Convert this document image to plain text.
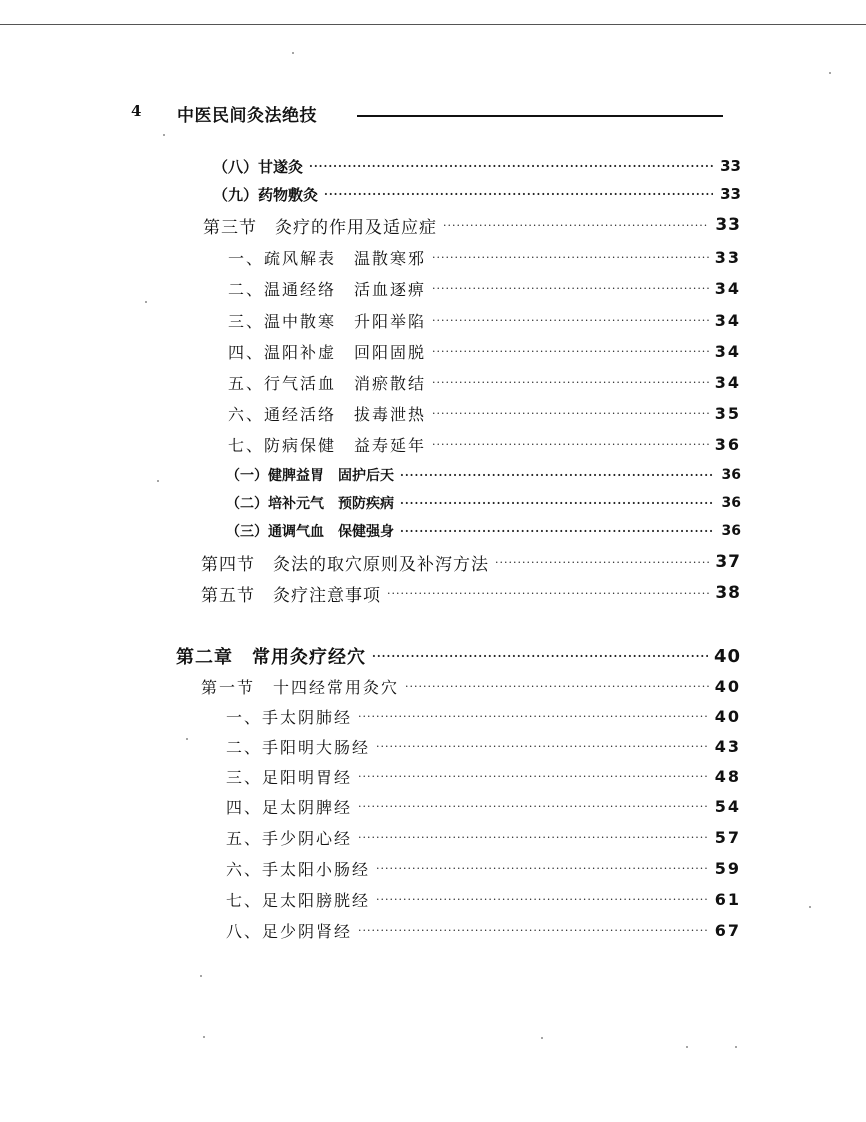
4 中医民间灸法绝技
（八）甘遂灸 ·····	33
（九）药物敷灸 ·····	33
第三节　灸疗的作用及适应症 ·····	33
一、疏风解表　温散寒邪 ·····	33
二、温通经络　活血逐痹 ·····	34
三、温中散寒　升阳举陷 ·····	34
四、温阳补虚　回阳固脱 ·····	34
五、行气活血　消瘀散结 ·····	34
六、通经活络　拔毒泄热 ·····	35
七、防病保健　益寿延年 ·····	36
（一）健脾益胃　固护后天 ·····	36
（二）培补元气　预防疾病 ·····	36
（三）通调气血　保健强身 ·····	36
第四节　灸法的取穴原则及补泻方法 ·····	37
第五节　灸疗注意事项 ·····	38
第二章　常用灸疗经穴 ·····	40
第一节　十四经常用灸穴 ·····	40
一、手太阴肺经 ·····	40
二、手阳明大肠经 ·····	43
三、足阳明胃经 ·····	48
四、足太阴脾经 ·····	54
五、手少阴心经 ·····	57
六、手太阳小肠经 ·····	59
七、足太阳膀胱经 ·····	61
八、足少阴肾经 ·····	67
